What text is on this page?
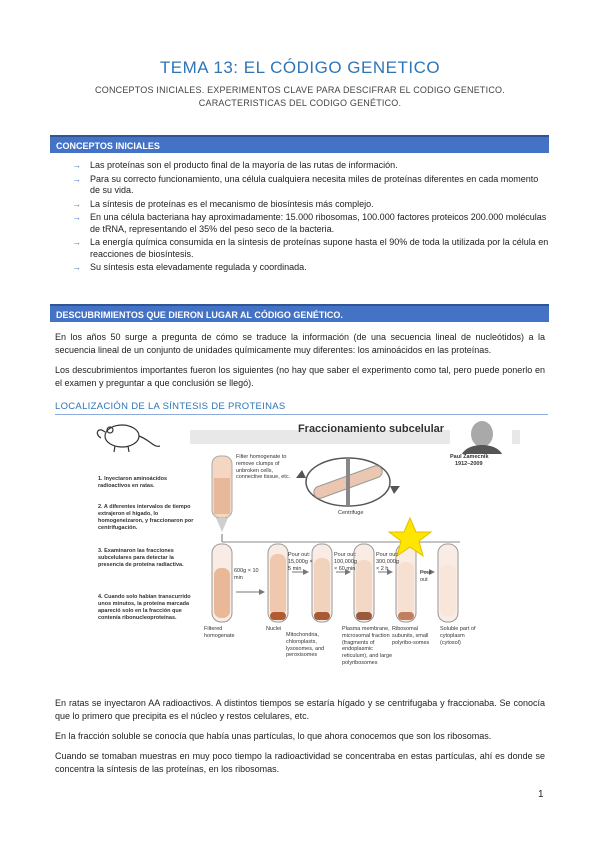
TEMA 13: EL CÓDIGO GENETICO
CONCEPTOS INICIALES. EXPERIMENTOS CLAVE PARA DESCIFRAR EL CODIGO GENETICO. CARACTERISTICAS DEL CODIGO GENÉTICO.
CONCEPTOS INICIALES
→ Las proteínas son el producto final de la mayoría de las rutas de información.
→ Para su correcto funcionamiento, una célula cualquiera necesita miles de proteínas diferentes en cada momento de su vida.
→ La síntesis de proteínas es el mecanismo de biosíntesis más complejo.
→ En una célula bacteriana hay aproximadamente: 15.000 ribosomas, 100.000 factores proteicos 200.000 moléculas de tRNA, representando el 35% del peso seco de la bacteria.
→ La energía química consumida en la síntesis de proteínas supone hasta el 90% de toda la utilizada por la célula en reacciones de biosíntesis.
→ Su síntesis esta elevadamente regulada y coordinada.
DESCUBRIMIENTOS QUE DIERON LUGAR AL CÓDIGO GENÉTICO.
En los años 50 surge a pregunta de cómo se traduce la información (de una secuencia lineal de nucleótidos) a la secuencia lineal de un conjunto de unidades químicamente muy diferentes: los aminoácidos en las proteínas.
Los descubrimientos importantes fueron los siguientes (no hay que saber el experimento como tal, pero puede ponerlo en el examen y preguntar a que conclusión se llegó).
LOCALIZACIÓN DE LA SÍNTESIS DE PROTEINAS
Fraccionamiento subcelular
Paul Zamecnik
1912–2009
1. Inyectaron aminoácidos radioactivos en ratas.
2. A diferentes intervalos de tiempo extrajeron el hígado, lo homogeneizaron, y fraccionaron por centrifugación.
3. Examinaron las fracciones subcelulares para detectar la presencia de proteína radiactiva.
4. Cuando solo habían transcurrido unos minutos, la proteína marcada apareció solo en la fracción que contenía ribonucleoproteínas.
Filter homogenate to remove clumps of unbroken cells, connective tissue, etc.
Centrifuge
600g × 10 min
Pour out: 15,000g × 5 min
Pour out: 100,000g × 60 min
Pour out: 300,000g × 2 h
Pour out
Filtered homogenate
Nuclei
Mitochondria, chloroplasts, lysosomes, and peroxisomes
Plasma membrane, microsomal fraction (fragments of endoplasmic reticulum), and large polyribosomes
Ribosomal subunits, small polyribo-somes
Soluble part of cytoplasm (cytosol)
En ratas se inyectaron AA radioactivos. A distintos tiempos se estaría hígado y se centrifugaba y fraccionaba. Se conocía que lo primero que precipita es el núcleo y restos celulares, etc.
En la fracción soluble se conocía que había unas partículas, lo que ahora conocemos que son los ribosomas.
Cuando se tomaban muestras en muy poco tiempo la radioactividad se concentraba en estas partículas, ahí es donde se concentra la síntesis de las proteínas, en los ribosomas.
1
